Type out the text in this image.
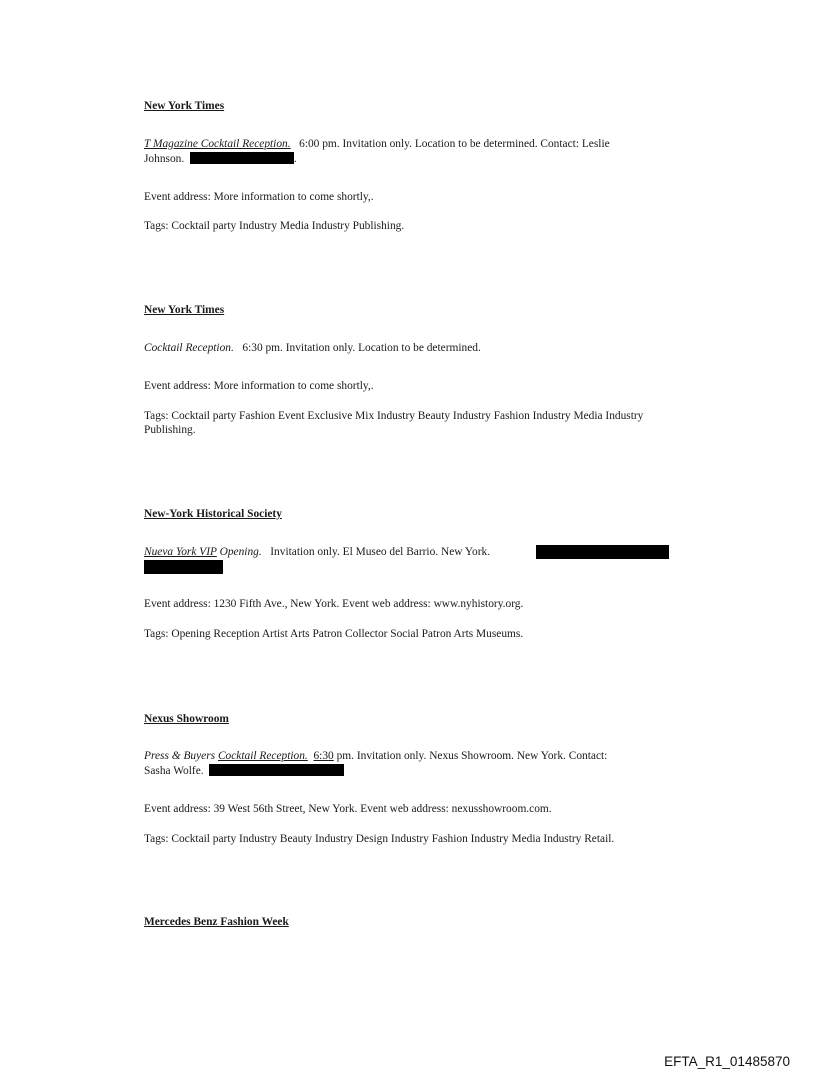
New York Times
T Magazine Cocktail Reception. 6:00 pm. Invitation only. Location to be determined. Contact: Leslie
Johnson.	.
Event address: More information to come shortly,.
Tags: Cocktail party Industry Media Industry Publishing.
New York Times
Cocktail Reception. 6:30 pm. Invitation only. Location to be determined.
Event address: More information to come shortly,.
Tags: Cocktail party Fashion Event Exclusive Mix Industry Beauty Industry Fashion Industry Media Industry
Publishing.
New-York Historical Society
Nueva York VIP Opening. Invitation only. El Museo del Barrio. New York.
Event address: 1230 Fifth Ave., New York. Event web address: www.nyhistory.org.
Tags: Opening Reception Artist Arts Patron Collector Social Patron Arts Museums.
Nexus Showroom
Press & Buyers Cocktail Reception. 6:30 pm. Invitation only. Nexus Showroom. New York. Contact:
Sasha Wolfe.
Event address: 39 West 56th Street, New York. Event web address: nexusshowroom.com.
Tags: Cocktail party Industry Beauty Industry Design Industry Fashion Industry Media Industry Retail.
Mercedes Benz Fashion Week
EFTA_R1_01485870
